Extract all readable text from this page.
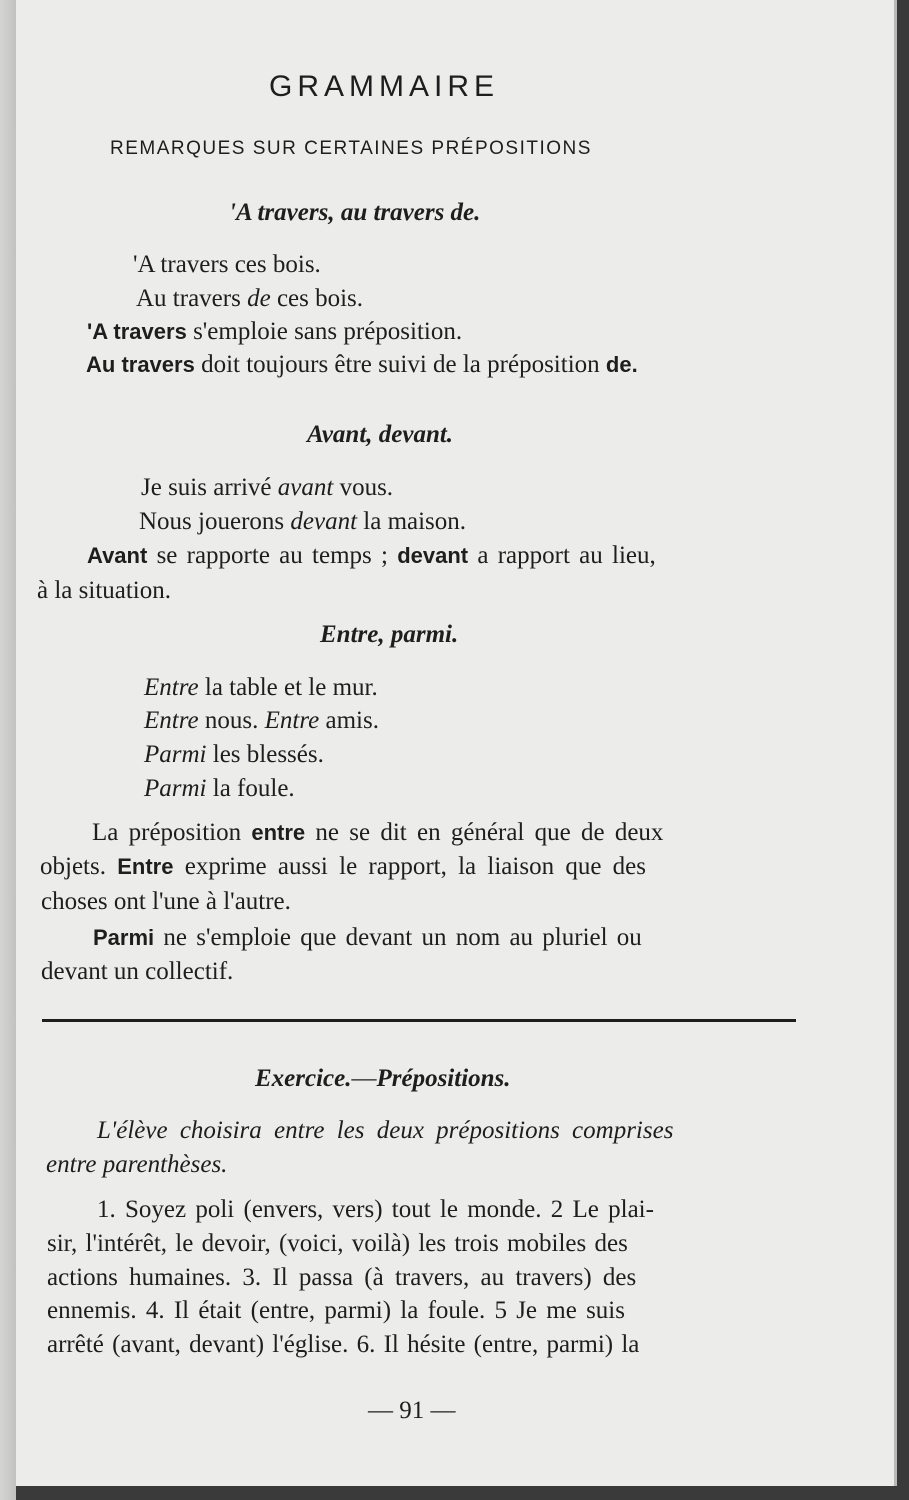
GRAMMAIRE
REMARQUES SUR CERTAINES PRÉPOSITIONS
'A travers, au travers de.
'A travers ces bois.
Au travers de ces bois.
'A travers s'emploie sans préposition.
Au travers doit toujours être suivi de la préposition de.
Avant, devant.
Je suis arrivé avant vous.
Nous jouerons devant la maison.
Avant se rapporte au temps ; devant a rapport au lieu,
à la situation.
Entre, parmi.
Entre la table et le mur.
Entre nous. Entre amis.
Parmi les blessés.
Parmi la foule.
La préposition entre ne se dit en général que de deux
objets. Entre exprime aussi le rapport, la liaison que des
choses ont l'une à l'autre.
Parmi ne s'emploie que devant un nom au pluriel ou
devant un collectif.
Exercice.—Prépositions.
L'élève choisira entre les deux prépositions comprises
entre parenthèses.
1. Soyez poli (envers, vers) tout le monde. 2 Le plai-
sir, l'intérêt, le devoir, (voici, voilà) les trois mobiles des
actions humaines. 3. Il passa (à travers, au travers) des
ennemis. 4. Il était (entre, parmi) la foule. 5 Je me suis
arrêté (avant, devant) l'église. 6. Il hésite (entre, parmi) la
— 91 —
